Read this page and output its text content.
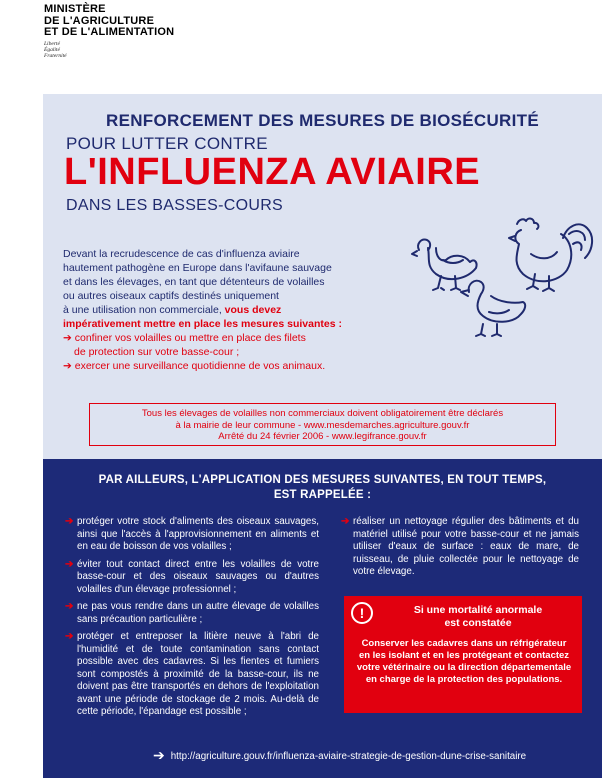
MINISTÈRE
DE L'AGRICULTURE
ET DE L'ALIMENTATION
Liberté
Égalité
Fraternité
RENFORCEMENT DES MESURES DE BIOSÉCURITÉ
POUR LUTTER CONTRE
L'INFLUENZA AVIAIRE
DANS LES BASSES-COURS
Devant la recrudescence de cas d'influenza aviaire
hautement pathogène en Europe dans l'avifaune sauvage
et dans les élevages, en tant que détenteurs de volailles
ou autres oiseaux captifs destinés uniquement
à une utilisation non commerciale, vous devez
impérativement mettre en place les mesures suivantes :
➔ confiner vos volailles ou mettre en place des filets
de protection sur votre basse-cour ;
➔ exercer une surveillance quotidienne de vos animaux.
Tous les élevages de volailles non commerciaux doivent obligatoirement être déclarés
à la mairie de leur commune - www.mesdemarches.agriculture.gouv.fr
Arrêté du 24 février 2006 - www.legifrance.gouv.fr
PAR AILLEURS, L'APPLICATION DES MESURES SUIVANTES, EN TOUT TEMPS,
EST RAPPELÉE :
➔ protéger votre stock d'aliments des oiseaux sauvages, ainsi que l'accès à l'approvisionnement en aliments et en eau de boisson de vos volailles ;
➔ éviter tout contact direct entre les volailles de votre basse-cour et des oiseaux sauvages ou d'autres volailles d'un élevage professionnel ;
➔ ne pas vous rendre dans un autre élevage de volailles sans précaution particulière ;
➔ protéger et entreposer la litière neuve à l'abri de l'humidité et de toute contamination sans contact possible avec des cadavres. Si les fientes et fumiers sont compostés à proximité de la basse-cour, ils ne doivent pas être transportés en dehors de l'exploitation avant une période de stockage de 2 mois. Au-delà de cette période, l'épandage est possible ;
➔ réaliser un nettoyage régulier des bâtiments et du matériel utilisé pour votre basse-cour et ne jamais utiliser d'eaux de surface : eaux de mare, de ruisseau, de pluie collectée pour le nettoyage de votre élevage.
!	Si une mortalité anormale
est constatée
Conserver les cadavres dans un réfrigérateur en les isolant et en les protégeant et contactez votre vétérinaire ou la direction départementale en charge de la protection des populations.
➔ http://agriculture.gouv.fr/influenza-aviaire-strategie-de-gestion-dune-crise-sanitaire
